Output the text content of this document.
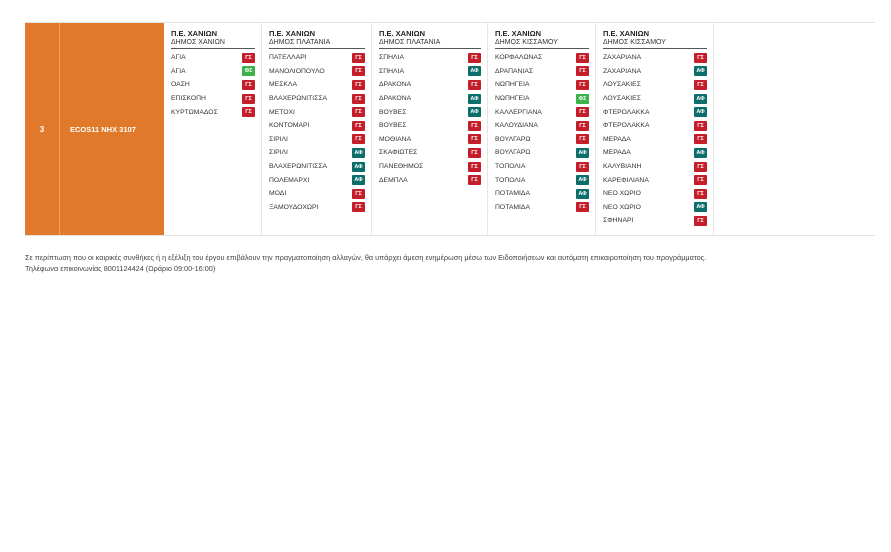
3	ECOS11 ΝΗΧ 3107
Π.Ε. ΧΑΝΙΩΝ
ΔΗΜΟΣ ΧΑΝΙΩΝ
ΑΓΙΑ	ΓΣ
ΑΓΙΑ	ΦΣ
ΟΑΣΗ	ΓΣ
ΕΠΙΣΚΟΠΗ	ΓΣ
ΚΥΡΤΩΜΑΔΟΣ	ΓΣ
Π.Ε. ΧΑΝΙΩΝ
ΔΗΜΟΣ ΠΛΑΤΑΝΙΑ
ΠΑΤΕΛΛΑΡΙ	ΓΣ
ΜΑΝΟΛΙΟΠΟΥΛΟ	ΓΣ
ΜΕΣΚΛΑ	ΓΣ
ΒΛΑΧΕΡΩΝΙΤΙΣΣΑ	ΓΣ
ΜΕΤΟΧΙ	ΓΣ
ΚΟΝΤΟΜΑΡΙ	ΓΣ
ΣΙΡΙΛΙ	ΓΣ
ΣΙΡΙΛΙ	ΑΦ
ΒΛΑΧΕΡΩΝΙΤΙΣΣΑ	ΑΦ
ΠΟΛΕΜΑΡΧΙ	ΑΦ
ΜΟΔΙ	ΓΣ
ΞΑΜΟΥΔΟΧΩΡΙ	ΓΣ
Π.Ε. ΧΑΝΙΩΝ
ΔΗΜΟΣ ΠΛΑΤΑΝΙΑ
ΣΠΗΛΙΑ	ΓΣ
ΣΠΗΛΙΑ	ΑΦ
ΔΡΑΚΟΝΑ	ΓΣ
ΔΡΑΚΟΝΑ	ΑΦ
ΒΟΥΒΕΣ	ΑΦ
ΒΟΥΒΕΣ	ΓΣ
ΜΟΘΙΑΝΑ	ΓΣ
ΣΚΑΦΙΩΤΕΣ	ΓΣ
ΠΑΝΕΘΗΜΟΣ	ΓΣ
ΔΕΜΠΛΑ	ΓΣ
Π.Ε. ΧΑΝΙΩΝ
ΔΗΜΟΣ ΚΙΣΣΑΜΟΥ
ΚΟΡΦΑΛΩΝΑΣ	ΓΣ
ΔΡΑΠΑΝΙΑΣ	ΓΣ
ΝΩΠΗΓΕΙΑ	ΓΣ
ΝΩΠΗΓΕΙΑ	ΦΣ
ΚΑΛΛΕΡΓΙΑΝΑ	ΓΣ
ΚΑΛΟΥΔΙΑΝΑ	ΓΣ
ΒΟΥΛΓΑΡΩ	ΓΣ
ΒΟΥΛΓΑΡΩ	ΑΦ
ΤΟΠΟΛΙΑ	ΓΣ
ΤΟΠΟΛΙΑ	ΑΦ
ΠΟΤΑΜΙΔΑ	ΑΦ
ΠΟΤΑΜΙΔΑ	ΓΣ
Π.Ε. ΧΑΝΙΩΝ
ΔΗΜΟΣ ΚΙΣΣΑΜΟΥ
ΖΑΧΑΡΙΑΝΑ	ΓΣ
ΖΑΧΑΡΙΑΝΑ	ΑΦ
ΛΟΥΣΑΚΙΕΣ	ΓΣ
ΛΟΥΣΑΚΙΕΣ	ΑΦ
ΦΤΕΡΟΛΑΚΚΑ	ΑΦ
ΦΤΕΡΟΛΑΚΚΑ	ΓΣ
ΜΕΡΑΔΑ	ΓΣ
ΜΕΡΑΔΑ	ΑΦ
ΚΑΛΥΒΙΑΝΗ	ΓΣ
ΚΑΡΕΦΙΛΙΑΝΑ	ΓΣ
ΝΕΟ ΧΩΡΙΟ	ΓΣ
ΝΕΟ ΧΩΡΙΟ	ΑΦ
ΣΦΗΝΑΡΙ	ΓΣ
Σε περίπτωση που οι καιρικές συνθήκες ή η εξέλιξη του έργου επιβάλουν την πραγματοποίηση αλλαγών, θα υπάρχει άμεση ενημέρωση μέσω των Ειδοποιήσεων και αυτόματη επικαιροποίηση του προγράμματος.
Τηλέφωνα επικοινωνίας 8001124424 (Ωράριο 09:00-16:00)
